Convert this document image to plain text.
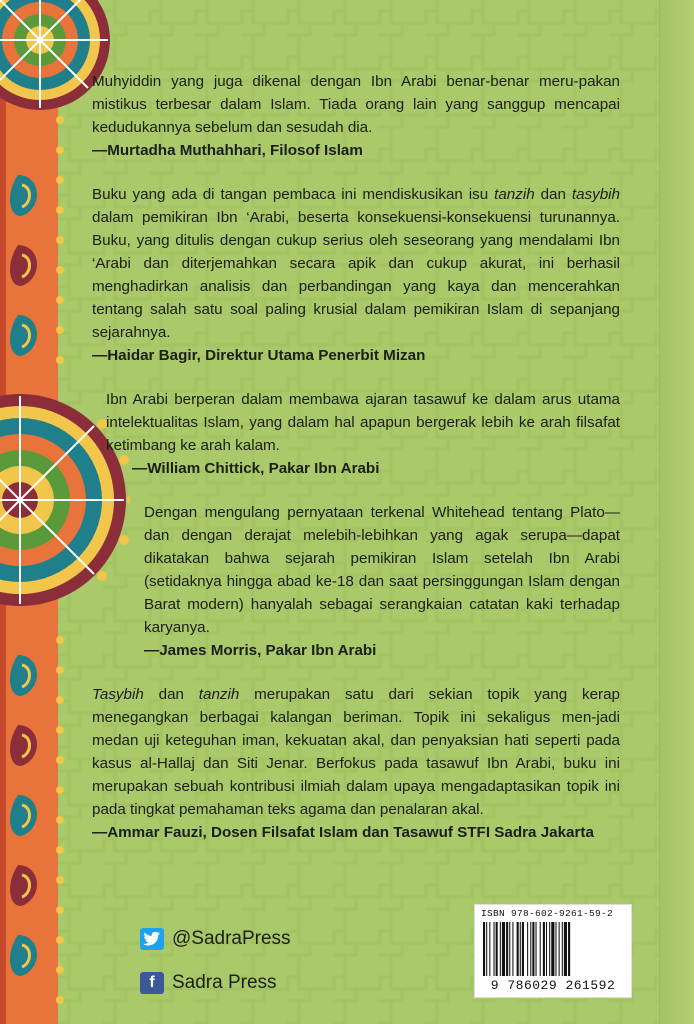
Muhyiddin yang juga dikenal dengan Ibn Arabi benar-benar meru-pakan mistikus terbesar dalam Islam. Tiada orang lain yang sanggup mencapai kedudukannya sebelum dan sesudah dia.

—Murtadha Muthahhari, Filosof Islam

Buku yang ada di tangan pembaca ini mendiskusikan isu tanzih dan tasybih dalam pemikiran Ibn ‘Arabi, beserta konsekuensi-konsekuensi turunannya. Buku, yang ditulis dengan cukup serius oleh seseorang yang mendalami Ibn ‘Arabi dan diterjemahkan secara apik dan cukup akurat, ini berhasil menghadirkan analisis dan perbandingan yang kaya dan mencerahkan tentang salah satu soal paling krusial dalam pemikiran Islam di sepanjang sejarahnya.

—Haidar Bagir, Direktur Utama Penerbit Mizan

Ibn Arabi berperan dalam membawa ajaran tasawuf ke dalam arus utama intelektualitas Islam, yang dalam hal apapun bergerak lebih ke arah filsafat ketimbang ke arah kalam.

—William Chittick, Pakar Ibn Arabi

Dengan mengulang pernyataan terkenal Whitehead tentang Plato—dan dengan derajat melebih-lebihkan yang agak serupa—dapat dikatakan bahwa sejarah pemikiran Islam setelah Ibn Arabi (setidaknya hingga abad ke-18 dan saat persinggungan Islam dengan Barat modern) hanyalah sebagai serangkaian catatan kaki terhadap karyanya.

—James Morris, Pakar Ibn Arabi

Tasybih dan tanzih merupakan satu dari sekian topik yang kerap menegangkan berbagai kalangan beriman. Topik ini sekaligus men-jadi medan uji keteguhan iman, kekuatan akal, dan penyaksian hati seperti pada kasus al-Hallaj dan Siti Jenar. Berfokus pada tasawuf Ibn Arabi, buku ini merupakan sebuah kontribusi ilmiah dalam upaya mengadaptasikan topik ini pada tingkat pemahaman teks agama dan penalaran akal.

—Ammar Fauzi, Dosen Filsafat Islam dan Tasawuf STFI Sadra Jakarta

@SadraPress
f Sadra Press
ISBN 978-602-9261-59-2
9 786029 261592
